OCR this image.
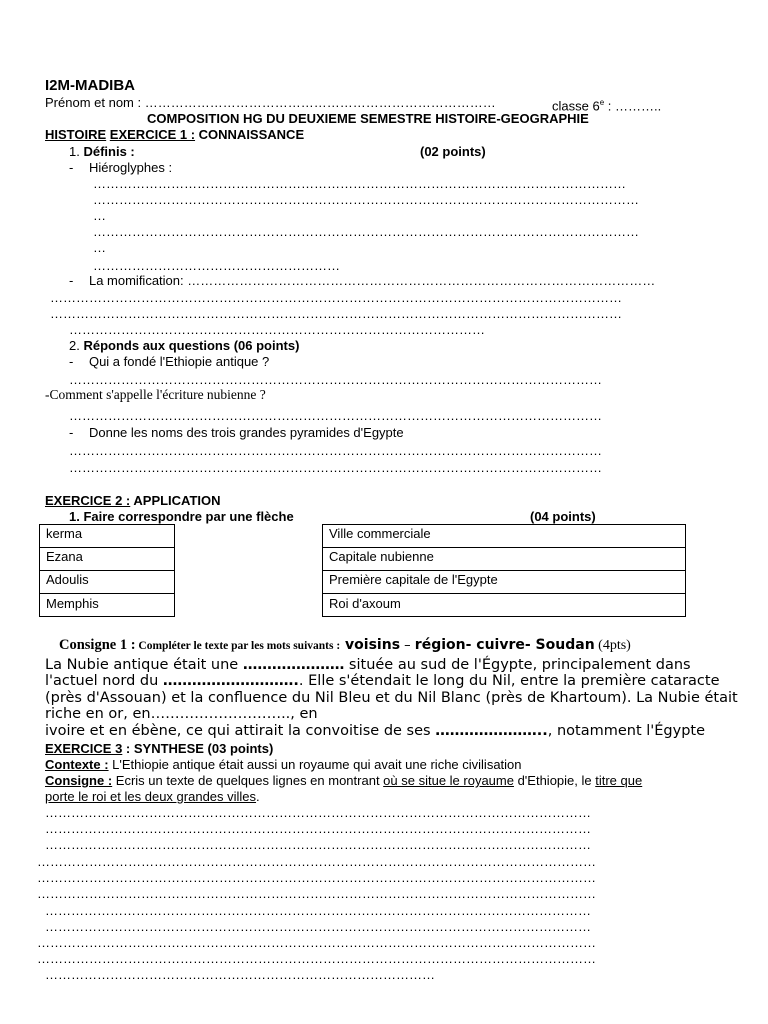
I2M-MADIBA
Prénom et nom : ………………………………………………………………………	classe 6e : ………..
COMPOSITION HG DU DEUXIEME SEMESTRE HISTOIRE-GEOGRAPHIE
HISTOIRE EXERCICE 1 : CONNAISSANCE
1. Définis :	(02 points)
- Hiéroglyphes :
……………………………………………………………………………………………………………
………………………………………………………………………………………………………………
…
………………………………………………………………………………………………………………
…
…………………………………………………
- La momification: ………………………………………………………………………………………………
……………………………………………………………………………………………………………………
……………………………………………………………………………………………………………………
……………………………………………………………………………………
2. Réponds aux questions (06 points)
- Qui a fondé l'Ethiopie antique ?
……………………………………………………………………………………………………………
-Comment s'appelle l'écriture nubienne ?
……………………………………………………………………………………………………………
- Donne les noms des trois grandes pyramides d'Egypte
……………………………………………………………………………………………………………
……………………………………………………………………………………………………………
EXERCICE 2 : APPLICATION
1. Faire correspondre par une flèche	(04 points)
kerma
Ezana
Adoulis
Memphis
Ville commerciale
Capitale nubienne
Première capitale de l'Egypte
Roi d'axoum
Consigne 1 : Compléter le texte par les mots suivants : voisins – région- cuivre- Soudan (4pts)
La Nubie antique était une ………………… située au sud de l'Égypte, principalement dans
l'actuel nord du ……………………….. Elle s'étendait le long du Nil, entre la première cataracte
(près d'Assouan) et la confluence du Nil Bleu et du Nil Blanc (près de Khartoum). La Nubie était
riche en or, en……………………….., en
ivoire et en ébène, ce qui attirait la convoitise de ses ………………….., notamment l'Égypte
EXERCICE 3 : SYNTHESE (03 points)
Contexte : L'Ethiopie antique était aussi un royaume qui avait une riche civilisation
Consigne : Ecris un texte de quelques lignes en montrant où se situe le royaume d'Ethiopie, le titre que
porte le roi et les deux grandes villes.
………………………………………………………………………………………………………………
………………………………………………………………………………………………………………
………………………………………………………………………………………………………………
…………………………………………………………………………………………………………………
…………………………………………………………………………………………………………………
…………………………………………………………………………………………………………………
………………………………………………………………………………………………………………
…………………………………………………………………………………………………………………
…………………………………………………………………………………………………………………
………………………………………………………………………………
………………………………………………………………………………………………………………
